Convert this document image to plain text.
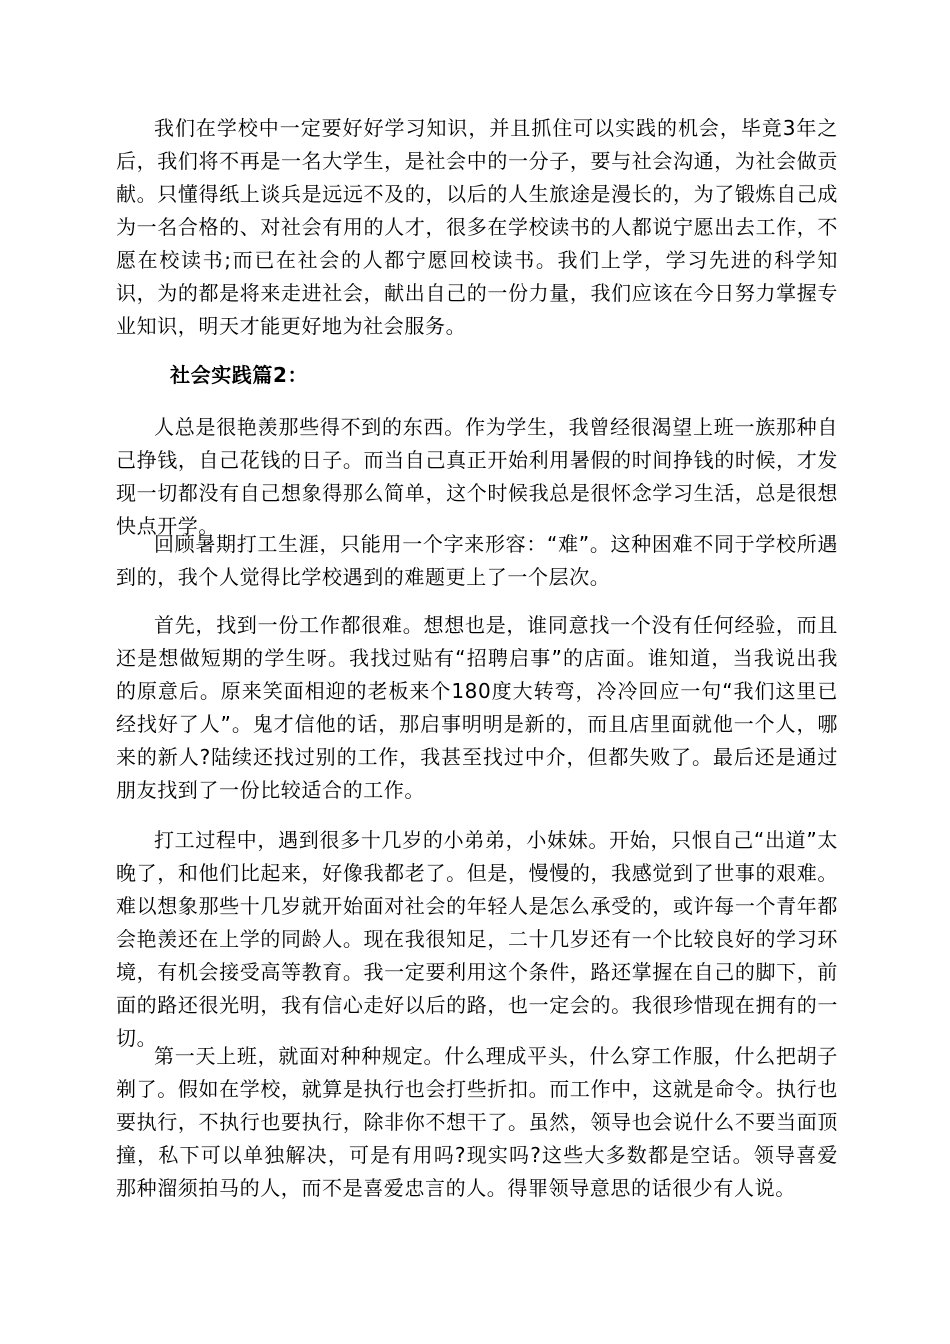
我们在学校中一定要好好学习知识，并且抓住可以实践的机会，毕竟3年之后，我们将不再是一名大学生，是社会中的一分子，要与社会沟通，为社会做贡献。只懂得纸上谈兵是远远不及的，以后的人生旅途是漫长的，为了锻炼自己成为一名合格的、对社会有用的人才，很多在学校读书的人都说宁愿出去工作，不愿在校读书;而已在社会的人都宁愿回校读书。我们上学，学习先进的科学知识，为的都是将来走进社会，献出自己的一份力量，我们应该在今日努力掌握专业知识，明天才能更好地为社会服务。

社会实践篇2：

人总是很艳羡那些得不到的东西。作为学生，我曾经很渴望上班一族那种自己挣钱，自己花钱的日子。而当自己真正开始利用暑假的时间挣钱的时候，才发现一切都没有自己想象得那么简单，这个时候我总是很怀念学习生活，总是很想快点开学。

回顾暑期打工生涯，只能用一个字来形容：“难”。这种困难不同于学校所遇到的，我个人觉得比学校遇到的难题更上了一个层次。

首先，找到一份工作都很难。想想也是，谁同意找一个没有任何经验，而且还是想做短期的学生呀。我找过贴有“招聘启事”的店面。谁知道，当我说出我的原意后。原来笑面相迎的老板来个180度大转弯，冷冷回应一句“我们这里已经找好了人”。鬼才信他的话，那启事明明是新的，而且店里面就他一个人，哪来的新人?陆续还找过别的工作，我甚至找过中介，但都失败了。最后还是通过朋友找到了一份比较适合的工作。

打工过程中，遇到很多十几岁的小弟弟，小妹妹。开始，只恨自己“出道”太晚了，和他们比起来，好像我都老了。但是，慢慢的，我感觉到了世事的艰难。难以想象那些十几岁就开始面对社会的年轻人是怎么承受的，或许每一个青年都会艳羡还在上学的同龄人。现在我很知足，二十几岁还有一个比较良好的学习环境，有机会接受高等教育。我一定要利用这个条件，路还掌握在自己的脚下，前面的路还很光明，我有信心走好以后的路，也一定会的。我很珍惜现在拥有的一切。

第一天上班，就面对种种规定。什么理成平头，什么穿工作服，什么把胡子剃了。假如在学校，就算是执行也会打些折扣。而工作中，这就是命令。执行也要执行，不执行也要执行，除非你不想干了。虽然，领导也会说什么不要当面顶撞，私下可以单独解决，可是有用吗?现实吗?这些大多数都是空话。领导喜爱那种溜须拍马的人，而不是喜爱忠言的人。得罪领导意思的话很少有人说。
